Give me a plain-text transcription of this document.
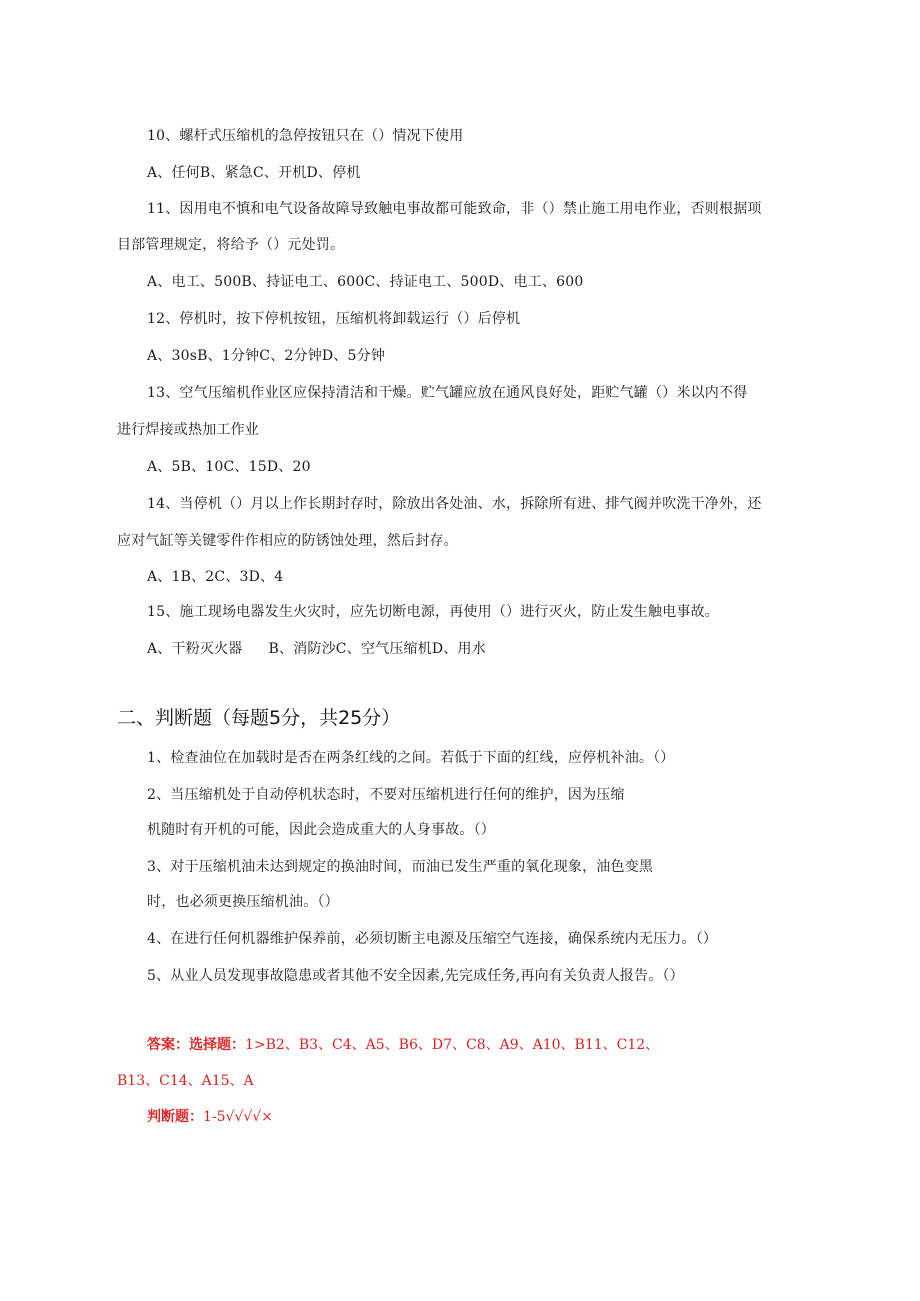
10、螺杆式压缩机的急停按钮只在（）情况下使用
A、任何B、紧急C、开机D、停机
11、因用电不慎和电气设备故障导致触电事故都可能致命，非（）禁止施工用电作业，否则根据项
目部管理规定，将给予（）元处罚。
A、电工、500B、持证电工、600C、持证电工、500D、电工、600
12、停机时，按下停机按钮，压缩机将卸载运行（）后停机
A、30sB、1分钟C、2分钟D、5分钟
13、空气压缩机作业区应保持清洁和干燥。贮气罐应放在通风良好处，距贮气罐（）米以内不得
进行焊接或热加工作业
A、5B、10C、15D、20
14、当停机（）月以上作长期封存时，除放出各处油、水，拆除所有进、排气阀并吹洗干净外，还
应对气缸等关键零件作相应的防锈蚀处理，然后封存。
A、1B、2C、3D、4
15、施工现场电器发生火灾时，应先切断电源，再使用（）进行灭火，防止发生触电事故。
A、干粉灭火器 B、消防沙C、空气压缩机D、用水
二、判断题（每题5分，共25分）
1、检查油位在加载时是否在两条红线的之间。若低于下面的红线，应停机补油。（）
2、当压缩机处于自动停机状态时，不要对压缩机进行任何的维护，因为压缩
机随时有开机的可能，因此会造成重大的人身事故。（）
3、对于压缩机油未达到规定的换油时间，而油已发生严重的氧化现象，油色变黑
时，也必须更换压缩机油。（）
4、在进行任何机器维护保养前，必须切断主电源及压缩空气连接，确保系统内无压力。（）
5、从业人员发现事故隐患或者其他不安全因素,先完成任务,再向有关负责人报告。（）
答案：选择题：1>B2、B3、C4、A5、B6、D7、C8、A9、A10、B11、C12、
B13、C14、A15、A
判断题：1-5√√√√×
